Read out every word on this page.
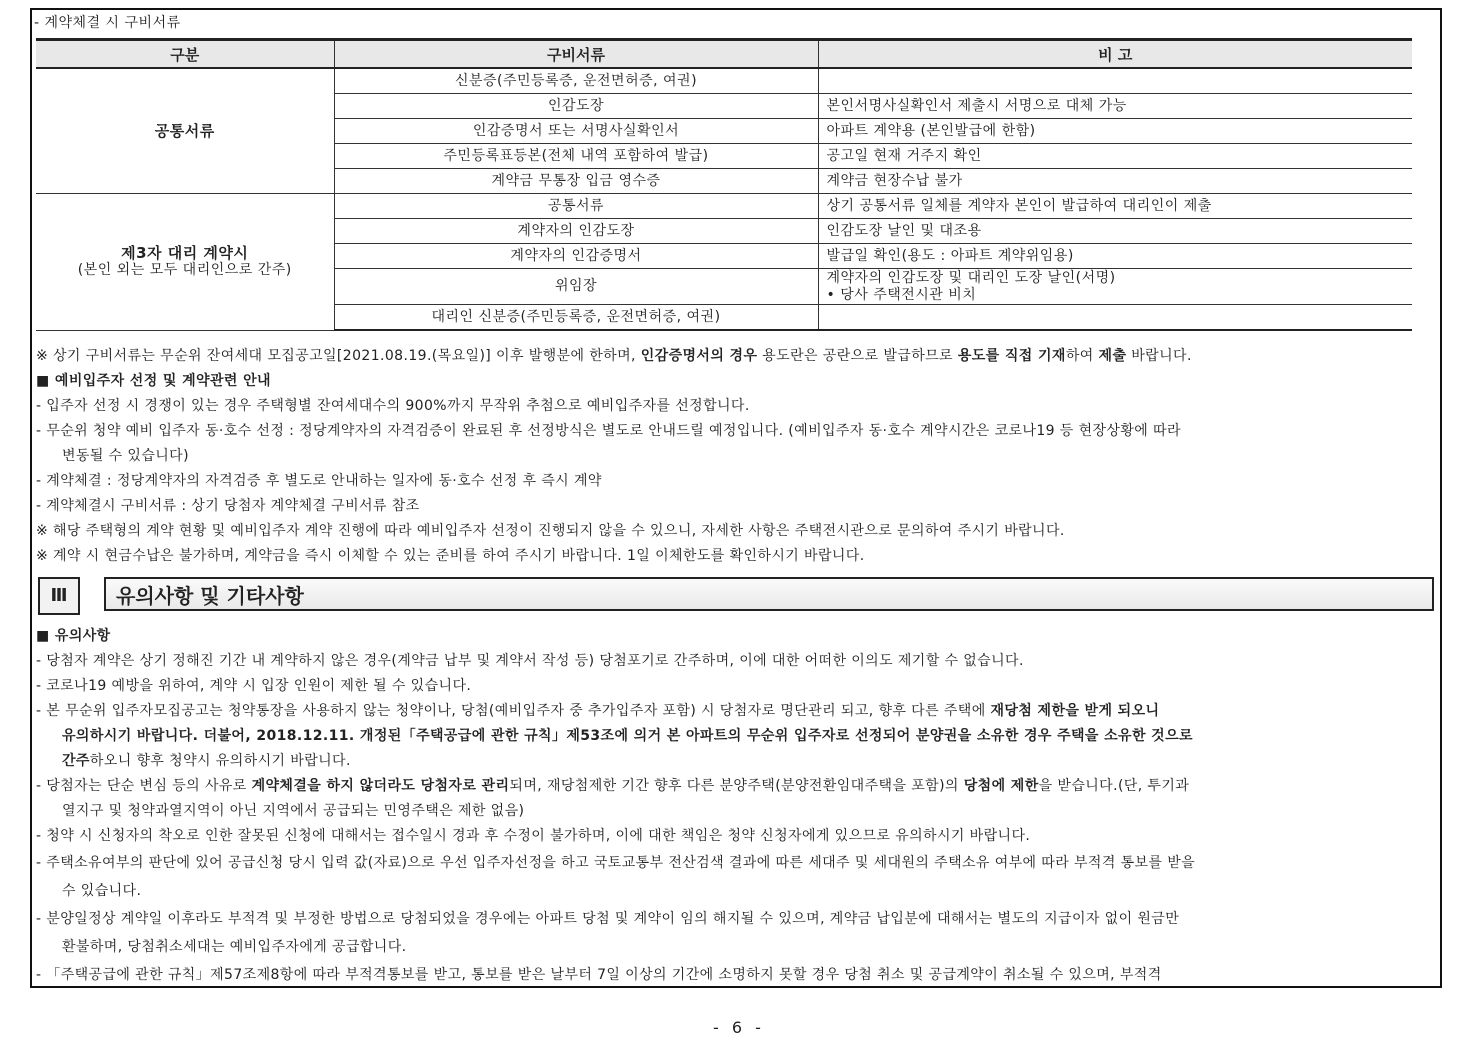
- 계약체결 시 구비서류
구분	구비서류	비 고
공통서류	신분증(주민등록증, 운전면허증, 여권)	
	인감도장	본인서명사실확인서 제출시 서명으로 대체 가능
	인감증명서 또는 서명사실확인서	아파트 계약용 (본인발급에 한함)
	주민등록표등본(전체 내역 포함하여 발급)	공고일 현재 거주지 확인
	계약금 무통장 입금 영수증	계약금 현장수납 불가

제3자 대리 계약시
(본인 외는 모두 대리인으로 간주)	공통서류	상기 공통서류 일체를 계약자 본인이 발급하여 대리인이 제출
	계약자의 인감도장	인감도장 날인 및 대조용
	계약자의 인감증명서	발급일 확인(용도 : 아파트 계약위임용)
	위임장	계약자의 인감도장 및 대리인 도장 날인(서명)
• 당사 주택전시관 비치

	대리인 신분증(주민등록증, 운전면허증, 여권)	
※ 상기 구비서류는 무순위 잔여세대 모집공고일[2021.08.19.(목요일)] 이후 발행분에 한하며, 인감증명서의 경우 용도란은 공란으로 발급하므로 용도를 직접 기재하여 제출 바랍니다.
■ 예비입주자 선정 및 계약관련 안내
- 입주자 선정 시 경쟁이 있는 경우 주택형별 잔여세대수의 900%까지 무작위 추첨으로 예비입주자를 선정합니다.
- 무순위 청약 예비 입주자 동·호수 선정 : 정당계약자의 자격검증이 완료된 후 선정방식은 별도로 안내드릴 예정입니다. (예비입주자 동·호수 계약시간은 코로나19 등 현장상황에 따라
변동될 수 있습니다)
- 계약체결 : 정당계약자의 자격검증 후 별도로 안내하는 일자에 동·호수 선정 후 즉시 계약
- 계약체결시 구비서류 : 상기 당첨자 계약체결 구비서류 참조
※ 해당 주택형의 계약 현황 및 예비입주자 계약 진행에 따라 예비입주자 선정이 진행되지 않을 수 있으니, 자세한 사항은 주택전시관으로 문의하여 주시기 바랍니다.
※ 계약 시 현금수납은 불가하며, 계약금을 즉시 이체할 수 있는 준비를 하여 주시기 바랍니다. 1일 이체한도를 확인하시기 바랍니다.
Ⅲ	유의사항 및 기타사항
■ 유의사항
- 당첨자 계약은 상기 정해진 기간 내 계약하지 않은 경우(계약금 납부 및 계약서 작성 등) 당첨포기로 간주하며, 이에 대한 어떠한 이의도 제기할 수 없습니다.
- 코로나19 예방을 위하여, 계약 시 입장 인원이 제한 될 수 있습니다.
- 본 무순위 입주자모집공고는 청약통장을 사용하지 않는 청약이나, 당첨(예비입주자 중 추가입주자 포함) 시 당첨자로 명단관리 되고, 향후 다른 주택에 재당첨 제한을 받게 되오니
유의하시기 바랍니다. 더불어, 2018.12.11. 개정된「주택공급에 관한 규칙」제53조에 의거 본 아파트의 무순위 입주자로 선정되어 분양권을 소유한 경우 주택을 소유한 것으로
간주하오니 향후 청약시 유의하시기 바랍니다.
- 당첨자는 단순 변심 등의 사유로 계약체결을 하지 않더라도 당첨자로 관리되며, 재당첨제한 기간 향후 다른 분양주택(분양전환임대주택을 포함)의 당첨에 제한을 받습니다.(단, 투기과
열지구 및 청약과열지역이 아닌 지역에서 공급되는 민영주택은 제한 없음)
- 청약 시 신청자의 착오로 인한 잘못된 신청에 대해서는 접수일시 경과 후 수정이 불가하며, 이에 대한 책임은 청약 신청자에게 있으므로 유의하시기 바랍니다.
- 주택소유여부의 판단에 있어 공급신청 당시 입력 값(자료)으로 우선 입주자선정을 하고 국토교통부 전산검색 결과에 따른 세대주 및 세대원의 주택소유 여부에 따라 부적격 통보를 받을
수 있습니다.
- 분양일정상 계약일 이후라도 부적격 및 부정한 방법으로 당첨되었을 경우에는 아파트 당첨 및 계약이 임의 해지될 수 있으며, 계약금 납입분에 대해서는 별도의 지급이자 없이 원금만
환불하며, 당첨취소세대는 예비입주자에게 공급합니다.
- 「주택공급에 관한 규칙」제57조제8항에 따라 부적격통보를 받고, 통보를 받은 날부터 7일 이상의 기간에 소명하지 못할 경우 당첨 취소 및 공급계약이 취소될 수 있으며, 부적격
- 6 -
